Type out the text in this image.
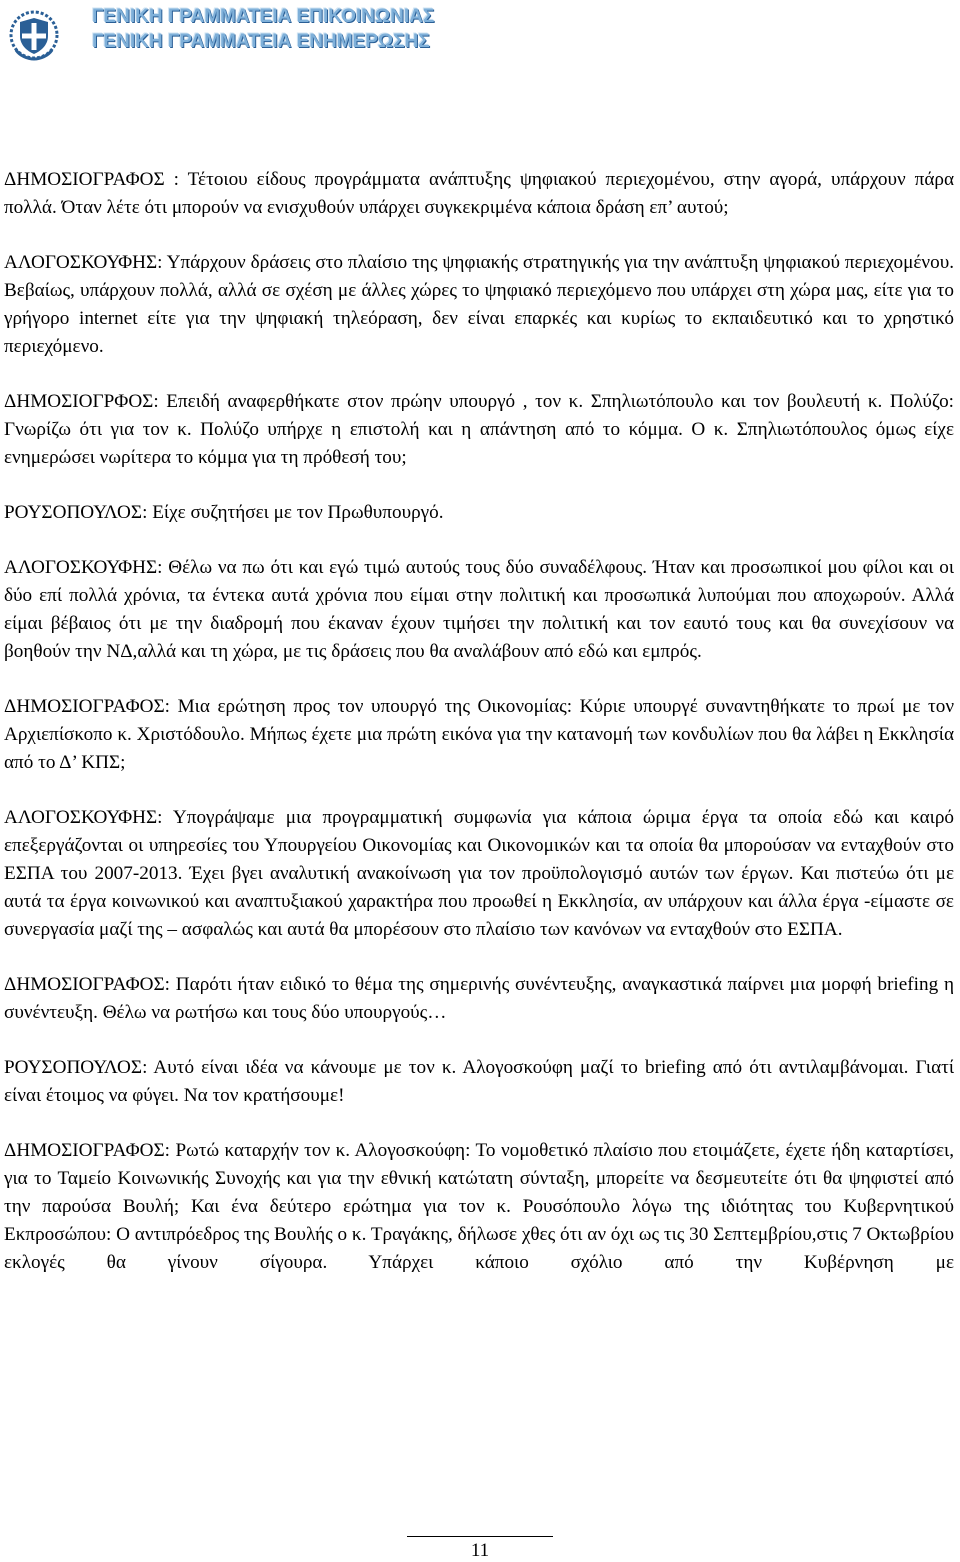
ΓΕΝΙΚΗ ΓΡΑΜΜΑΤΕΙΑ ΕΠΙΚΟΙΝΩΝΙΑΣ
ΓΕΝΙΚΗ ΓΡΑΜΜΑΤΕΙΑ ΕΝΗΜΕΡΩΣΗΣ

ΔΗΜΟΣΙΟΓΡΑΦΟΣ : Τέτοιου είδους προγράμματα ανάπτυξης ψηφιακού περιεχομένου, στην αγορά, υπάρχουν πάρα πολλά. Όταν λέτε ότι μπορούν να ενισχυθούν υπάρχει συγκεκριμένα κάποια δράση επ’ αυτού;

ΑΛΟΓΟΣΚΟΥΦΗΣ: Υπάρχουν δράσεις στο πλαίσιο της ψηφιακής στρατηγικής για την ανάπτυξη ψηφιακού περιεχομένου. Βεβαίως, υπάρχουν πολλά, αλλά σε σχέση με άλλες χώρες το ψηφιακό περιεχόμενο που υπάρχει στη χώρα μας, είτε για το γρήγορο internet είτε για την ψηφιακή τηλεόραση, δεν είναι επαρκές και κυρίως το εκπαιδευτικό και το χρηστικό περιεχόμενο.

ΔΗΜΟΣΙΟΓΡΦΟΣ: Επειδή αναφερθήκατε στον πρώην υπουργό , τον κ. Σπηλιωτόπουλο και τον βουλευτή κ. Πολύζο: Γνωρίζω ότι για τον κ. Πολύζο υπήρχε η επιστολή και η απάντηση από το κόμμα. Ο κ. Σπηλιωτόπουλος όμως είχε ενημερώσει νωρίτερα το κόμμα για τη πρόθεσή του;

ΡΟΥΣΟΠΟΥΛΟΣ: Είχε συζητήσει με τον Πρωθυπουργό.

ΑΛΟΓΟΣΚΟΥΦΗΣ: Θέλω να πω ότι και εγώ τιμώ αυτούς τους δύο συναδέλφους. Ήταν και προσωπικοί μου φίλοι και οι δύο επί πολλά χρόνια, τα έντεκα αυτά χρόνια που είμαι στην πολιτική και προσωπικά λυπούμαι που αποχωρούν. Αλλά είμαι βέβαιος ότι με την διαδρομή που έκαναν έχουν τιμήσει την πολιτική και τον εαυτό τους και θα συνεχίσουν να βοηθούν την ΝΔ,αλλά και τη χώρα, με τις δράσεις που θα αναλάβουν από εδώ και εμπρός.

ΔΗΜΟΣΙΟΓΡΑΦΟΣ: Μια ερώτηση προς τον υπουργό της Οικονομίας: Κύριε υπουργέ συναντηθήκατε το πρωί με τον Αρχιεπίσκοπο κ. Χριστόδουλο. Μήπως έχετε μια πρώτη εικόνα για την κατανομή των κονδυλίων που θα λάβει η Εκκλησία από το Δ’ ΚΠΣ;

ΑΛΟΓΟΣΚΟΥΦΗΣ: Υπογράψαμε μια προγραμματική συμφωνία για κάποια ώριμα έργα τα οποία εδώ και καιρό επεξεργάζονται οι υπηρεσίες του Υπουργείου Οικονομίας και Οικονομικών και τα οποία θα μπορούσαν να ενταχθούν στο ΕΣΠΑ του 2007-2013. Έχει βγει αναλυτική ανακοίνωση για τον προϋπολογισμό αυτών των έργων. Και πιστεύω ότι με αυτά τα έργα κοινωνικού και αναπτυξιακού χαρακτήρα που προωθεί η Εκκλησία, αν υπάρχουν και άλλα έργα -είμαστε σε συνεργασία μαζί της – ασφαλώς και αυτά θα μπορέσουν στο πλαίσιο των κανόνων να ενταχθούν στο ΕΣΠΑ.

ΔΗΜΟΣΙΟΓΡΑΦΟΣ: Παρότι ήταν ειδικό το θέμα της σημερινής συνέντευξης, αναγκαστικά παίρνει μια μορφή briefing η συνέντευξη. Θέλω να ρωτήσω και τους δύο υπουργούς…

ΡΟΥΣΟΠΟΥΛΟΣ: Αυτό είναι ιδέα να κάνουμε με τον κ. Αλογοσκούφη μαζί το briefing από ότι αντιλαμβάνομαι. Γιατί είναι έτοιμος να φύγει. Να τον κρατήσουμε!

ΔΗΜΟΣΙΟΓΡΑΦΟΣ: Ρωτώ καταρχήν τον κ. Αλογοσκούφη: Το νομοθετικό πλαίσιο που ετοιμάζετε, έχετε ήδη καταρτίσει, για το Ταμείο Κοινωνικής Συνοχής και για την εθνική κατώτατη σύνταξη, μπορείτε να δεσμευτείτε ότι θα ψηφιστεί από την παρούσα Βουλή; Και ένα δεύτερο ερώτημα για τον κ. Ρουσόπουλο λόγω της ιδιότητας του Κυβερνητικού Εκπροσώπου: Ο αντιπρόεδρος της Βουλής ο κ. Τραγάκης, δήλωσε χθες ότι αν όχι ως τις 30 Σεπτεμβρίου,στις 7 Οκτωβρίου εκλογές θα γίνουν σίγουρα. Υπάρχει κάποιο σχόλιο από την Κυβέρνηση με

11
